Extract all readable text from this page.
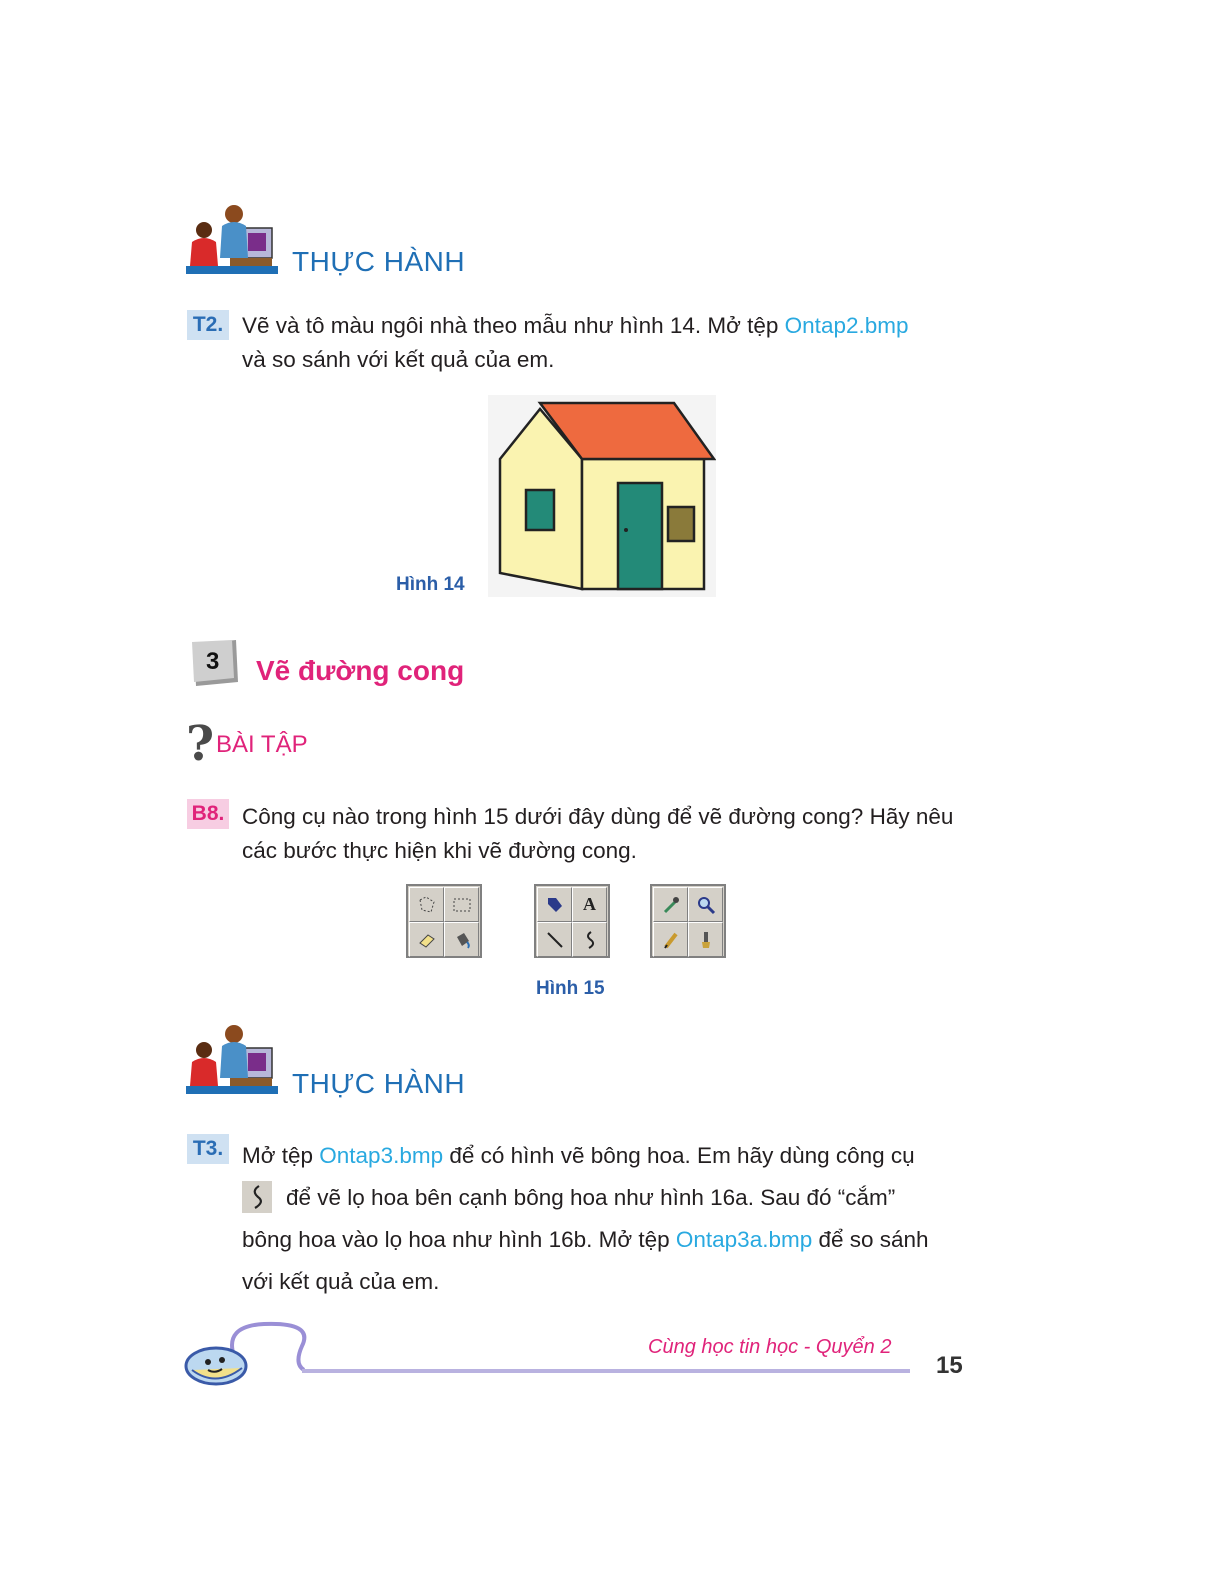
THỰC HÀNH
T2. Vẽ và tô màu ngôi nhà theo mẫu như hình 14. Mở tệp Ontap2.bmp
và so sánh với kết quả của em.
Hình 14
3 Vẽ đường cong
? BÀI TẬP
B8. Công cụ nào trong hình 15 dưới đây dùng để vẽ đường cong? Hãy nêu các bước thực hiện khi vẽ đường cong.
A
Hình 15
THỰC HÀNH
T3. Mở tệp Ontap3.bmp để có hình vẽ bông hoa. Em hãy dùng công cụ
để vẽ lọ hoa bên cạnh bông hoa như hình 16a. Sau đó “cắm”
bông hoa vào lọ hoa như hình 16b. Mở tệp Ontap3a.bmp để so sánh
với kết quả của em.
Cùng học tin học - Quyển 2
15
